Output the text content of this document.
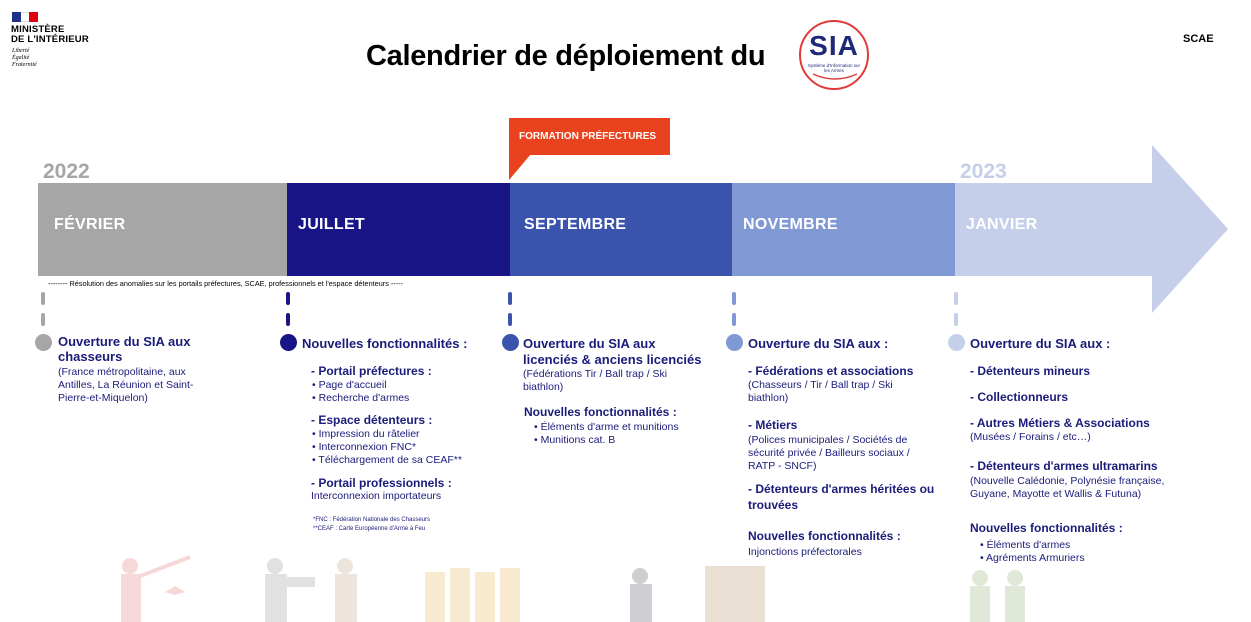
MINISTÈRE
DE L'INTÉRIEUR
Liberté
Égalité
Fraternité	Calendrier de déploiement du SIA
Système d'Information sur les Armes
SCAE
2022	2023
FORMATION PRÉFECTURES
FÉVRIER	JUILLET	SEPTEMBRE	NOVEMBRE	JANVIER
-------- Résolution des anomalies sur les portails préfectures, SCAE, professionnels et l'espace détenteurs -----
Ouverture du SIA aux chasseurs
(France métropolitaine, aux Antilles, La Réunion et Saint-Pierre-et-Miquelon)
Nouvelles fonctionnalités :
- Portail préfectures :
• Page d'accueil
• Recherche d'armes
- Espace détenteurs :
• Impression du râtelier
• Interconnexion FNC*
• Téléchargement de sa CEAF**
- Portail professionnels :
Interconnexion importateurs
*FNC : Fédération Nationale des Chasseurs
**CEAF : Carte Européenne d'Arme à Feu
Ouverture du SIA aux
licenciés & anciens licenciés
(Fédérations Tir / Ball trap / Ski biathlon)
Nouvelles fonctionnalités :
• Éléments d'arme et munitions
• Munitions cat. B
Ouverture du SIA aux :
- Fédérations et associations
(Chasseurs / Tir / Ball trap / Ski biathlon)
- Métiers
(Polices municipales / Sociétés de sécurité privée / Bailleurs sociaux / RATP - SNCF)
- Détenteurs d'armes héritées ou trouvées
Nouvelles fonctionnalités :
Injonctions préfectorales
Ouverture du SIA aux :
- Détenteurs mineurs
- Collectionneurs
- Autres Métiers & Associations
(Musées / Forains / etc…)
- Détenteurs d'armes ultramarins
(Nouvelle Calédonie, Polynésie française, Guyane, Mayotte et Wallis & Futuna)
Nouvelles fonctionnalités :
• Éléments d'armes
• Agréments Armuriers
